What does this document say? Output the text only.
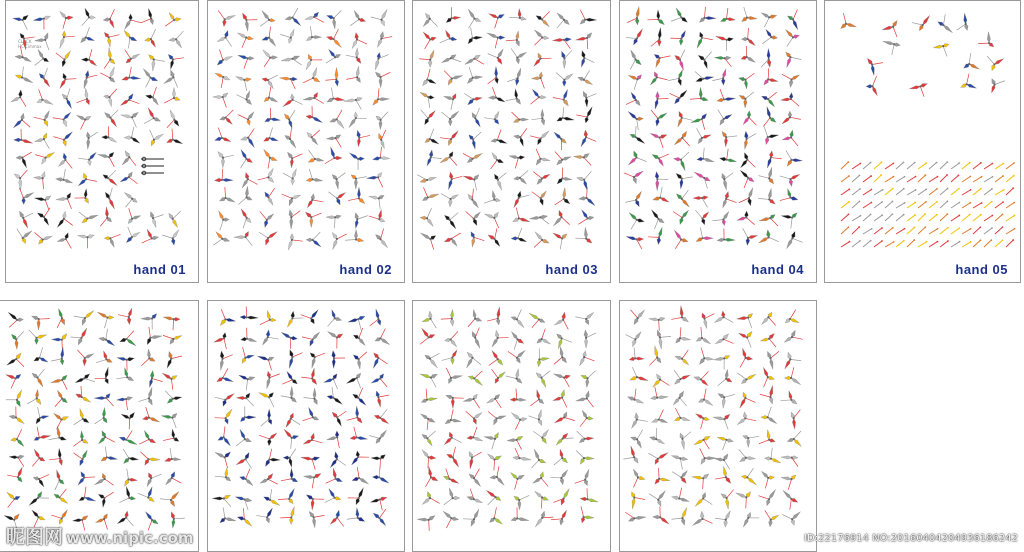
CLOCK
HC Cimmax
hand 01	hand 02	hand 03	hand 04	hand 05
昵图网 www.nipic.com	ID:22176914 NO:20160404204936186242
